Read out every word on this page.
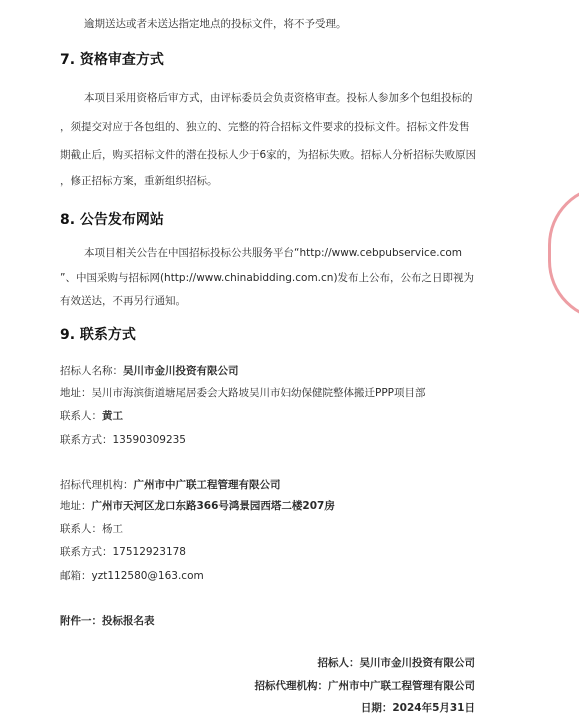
逾期送达或者未送达指定地点的投标文件，将不予受理。
7. 资格审查方式
本项目采用资格后审方式，由评标委员会负责资格审查。投标人参加多个包组投标的
，须提交对应于各包组的、独立的、完整的符合招标文件要求的投标文件。招标文件发售
期截止后，购买招标文件的潜在投标人少于6家的，为招标失败。招标人分析招标失败原因
，修正招标方案，重新组织招标。
8. 公告发布网站
本项目相关公告在中国招标投标公共服务平台“http://www.cebpubservice.com
”、中国采购与招标网(http://www.chinabidding.com.cn)发布上公布，公布之日即视为
有效送达，不再另行通知。
9. 联系方式
招标人名称：吴川市金川投资有限公司
地址：吴川市海滨街道塘尾居委会大路坡吴川市妇幼保健院整体搬迁PPP项目部
联系人：黄工
联系方式：13590309235
招标代理机构：广州市中广联工程管理有限公司
地址：广州市天河区龙口东路366号鸿景园西塔二楼207房
联系人：杨工
联系方式：17512923178
邮箱：yzt112580@163.com
附件一：投标报名表
招标人：吴川市金川投资有限公司
招标代理机构：广州市中广联工程管理有限公司
日期：2024年5月31日
